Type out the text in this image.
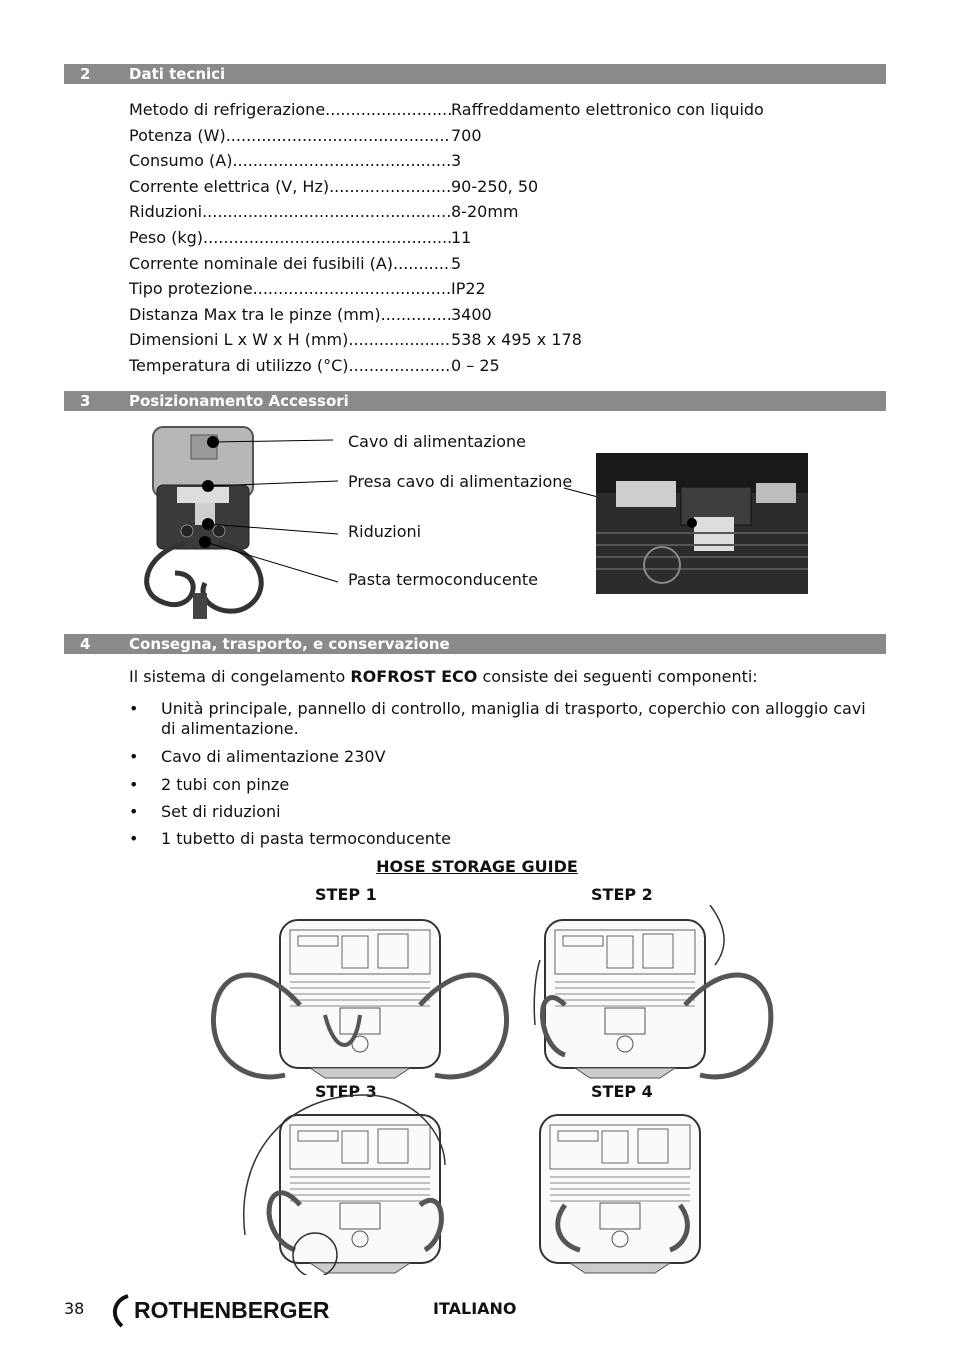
2	Dati tecnici
Metodo di refrigerazione .....	Raffreddamento elettronico con liquido
Potenza (W) .....	700
Consumo (A) .....	3
Corrente elettrica (V, Hz) .....	90-250, 50
Riduzioni .....	8-20mm
Peso (kg) .....	11
Corrente nominale dei fusibili (A) .....	5
Tipo protezione .....	IP22
Distanza Max tra le pinze (mm) .....	3400
Dimensioni L x W x H (mm) .....	538 x 495 x 178
Temperatura di utilizzo (°C) .....	0 – 25
3	Posizionamento Accessori
Cavo di alimentazione
Presa cavo di alimentazione
Riduzioni
Pasta termoconducente
4	Consegna, trasporto, e conservazione
Il sistema di congelamento ROFROST ECO consiste dei seguenti componenti:
• Unità principale, pannello di controllo, maniglia di trasporto, coperchio con alloggio cavi di alimentazione.
• Cavo di alimentazione 230V
• 2 tubi con pinze
• Set di riduzioni
• 1 tubetto di pasta termoconducente
HOSE STORAGE GUIDE
STEP 1	STEP 2
STEP 3	STEP 4
38 ROTHENBERGER	ITALIANO
